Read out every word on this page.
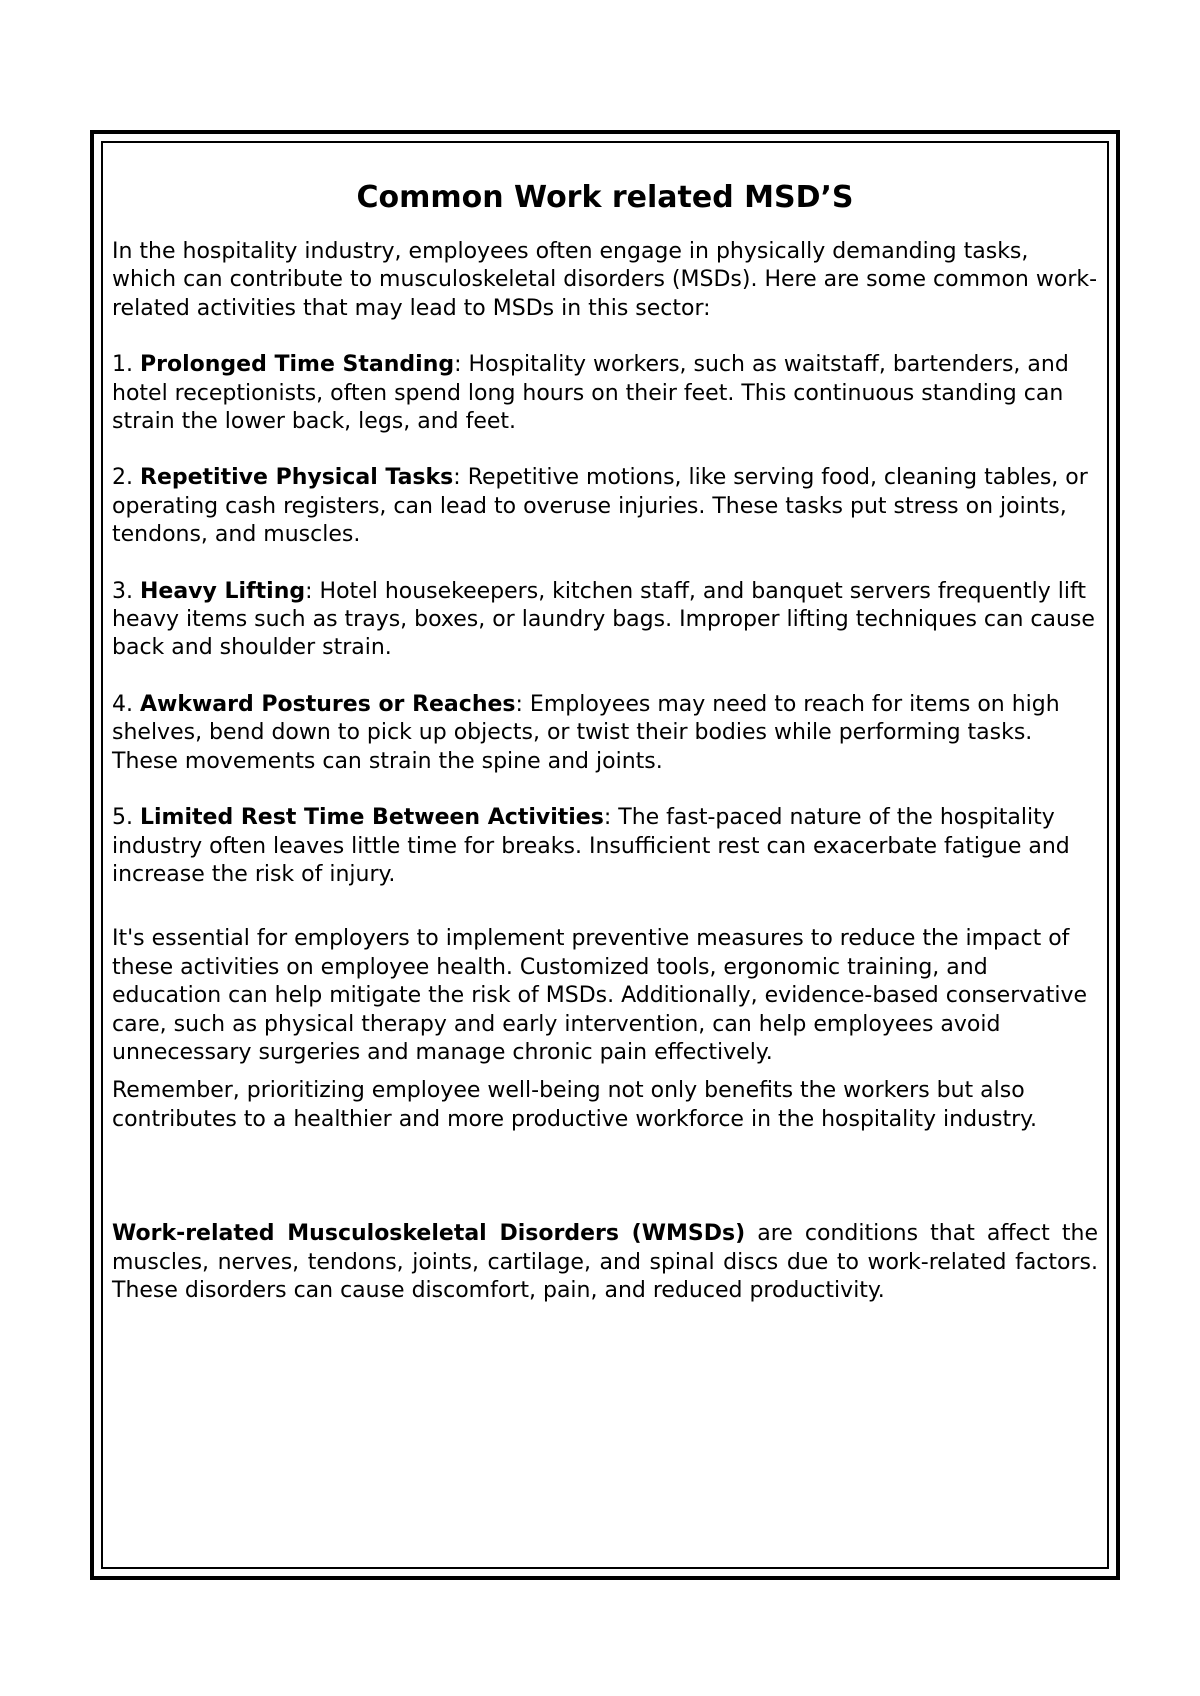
Common Work related MSD’S

In the hospitality industry, employees often engage in physically demanding tasks, which can contribute to musculoskeletal disorders (MSDs). Here are some common work-related activities that may lead to MSDs in this sector:

1. Prolonged Time Standing: Hospitality workers, such as waitstaff, bartenders, and hotel receptionists, often spend long hours on their feet. This continuous standing can strain the lower back, legs, and feet.

2. Repetitive Physical Tasks: Repetitive motions, like serving food, cleaning tables, or operating cash registers, can lead to overuse injuries. These tasks put stress on joints, tendons, and muscles.

3. Heavy Lifting: Hotel housekeepers, kitchen staff, and banquet servers frequently lift heavy items such as trays, boxes, or laundry bags. Improper lifting techniques can cause back and shoulder strain.

4. Awkward Postures or Reaches: Employees may need to reach for items on high shelves, bend down to pick up objects, or twist their bodies while performing tasks. These movements can strain the spine and joints.

5. Limited Rest Time Between Activities: The fast-paced nature of the hospitality industry often leaves little time for breaks. Insufficient rest can exacerbate fatigue and increase the risk of injury.

It's essential for employers to implement preventive measures to reduce the impact of these activities on employee health. Customized tools, ergonomic training, and education can help mitigate the risk of MSDs. Additionally, evidence-based conservative care, such as physical therapy and early intervention, can help employees avoid unnecessary surgeries and manage chronic pain effectively.

Remember, prioritizing employee well-being not only benefits the workers but also contributes to a healthier and more productive workforce in the hospitality industry.

Work-related Musculoskeletal Disorders (WMSDs) are conditions that affect the muscles, nerves, tendons, joints, cartilage, and spinal discs due to work-related factors. These disorders can cause discomfort, pain, and reduced productivity.
